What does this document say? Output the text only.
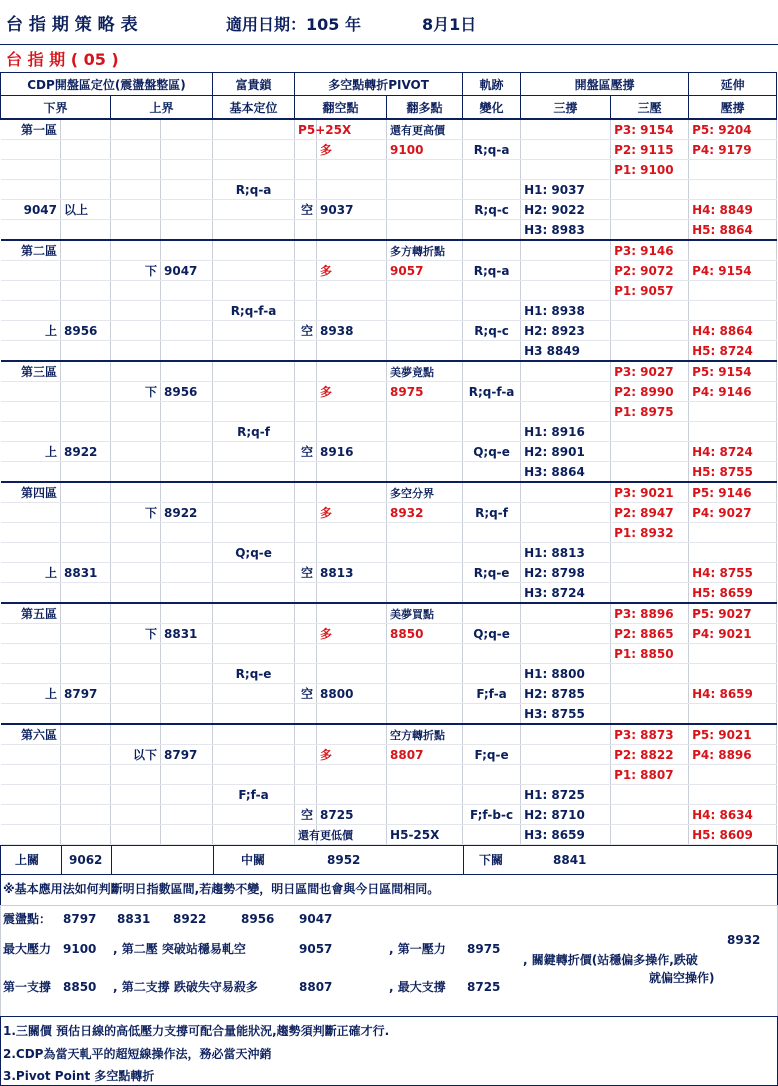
台 指 期 策 略 表	適用日期：105 年	8月1日
台 指 期 ( 05 )
CDP開盤區定位(震盪盤整區)				富貴鎖	多空點轉折PIVOT			軌跡	開盤區壓撐		延伸
下界		上界		基本定位	翻空點		翻多點	變化	三撐	三壓	壓撐
第一區					P5+25X		還有更高價				P3: 9154	P5: 9204
						多	9100	R;q-a			P2: 9115	P4: 9179
											P1: 9100	
				R;q-a					H1: 9037			
9047	以上				空	9037		R;q-c	H2: 9022			H4: 8849
									H3: 8983			H5: 8864
第二區							多方轉折點				P3: 9146	
		下	9047			多	9057	R;q-a			P2: 9072	P4: 9154
											P1: 9057	
				R;q-f-a					H1: 8938			
上	8956				空	8938		R;q-c	H2: 8923			H4: 8864
									H3 8849			H5: 8724
第三區							美夢竟點				P3: 9027	P5: 9154
		下	8956			多	8975	R;q-f-a			P2: 8990	P4: 9146
											P1: 8975	
				R;q-f					H1: 8916			
上	8922				空	8916		Q;q-e	H2: 8901			H4: 8724
									H3: 8864			H5: 8755
第四區							多空分界				P3: 9021	P5: 9146
		下	8922			多	8932	R;q-f			P2: 8947	P4: 9027
											P1: 8932	
				Q;q-e					H1: 8813			
上	8831				空	8813		R;q-e	H2: 8798			H4: 8755
									H3: 8724			H5: 8659
第五區							美夢買點				P3: 8896	P5: 9027
		下	8831			多	8850	Q;q-e			P2: 8865	P4: 9021
											P1: 8850	
				R;q-e					H1: 8800			
上	8797				空	8800		F;f-a	H2: 8785			H4: 8659
									H3: 8755			
第六區							空方轉折點				P3: 8873	P5: 9021
		以下	8797			多	8807	F;q-e			P2: 8822	P4: 8896
											P1: 8807	
				F;f-a					H1: 8725			
					空	8725		F;f-b-c	H2: 8710			H4: 8634
					還有更低價		H5-25X		H3: 8659			H5: 8609
上關 9062	中關	8952	下關	8841
※基本應用法如何判斷明日指數區間,若趨勢不變，明日區間也會與今日區間相同。
震盪點： 8797 8831 8922	8956 9047
最大壓力 9100 , 第二壓 突破站穩易軋空	9057	, 第一壓力 8975
8932
, 關鍵轉折價(站穩偏多操作,跌破
就偏空操作)
第一支撐 8850 , 第二支撐 跌破失守易殺多	8807	, 最大支撐 8725
1.三關價 預估日線的高低壓力支撐可配合量能狀況,趨勢須判斷正確才行.
2.CDP為當天軋平的超短線操作法，務必當天沖銷
3.Pivot Point 多空點轉折
